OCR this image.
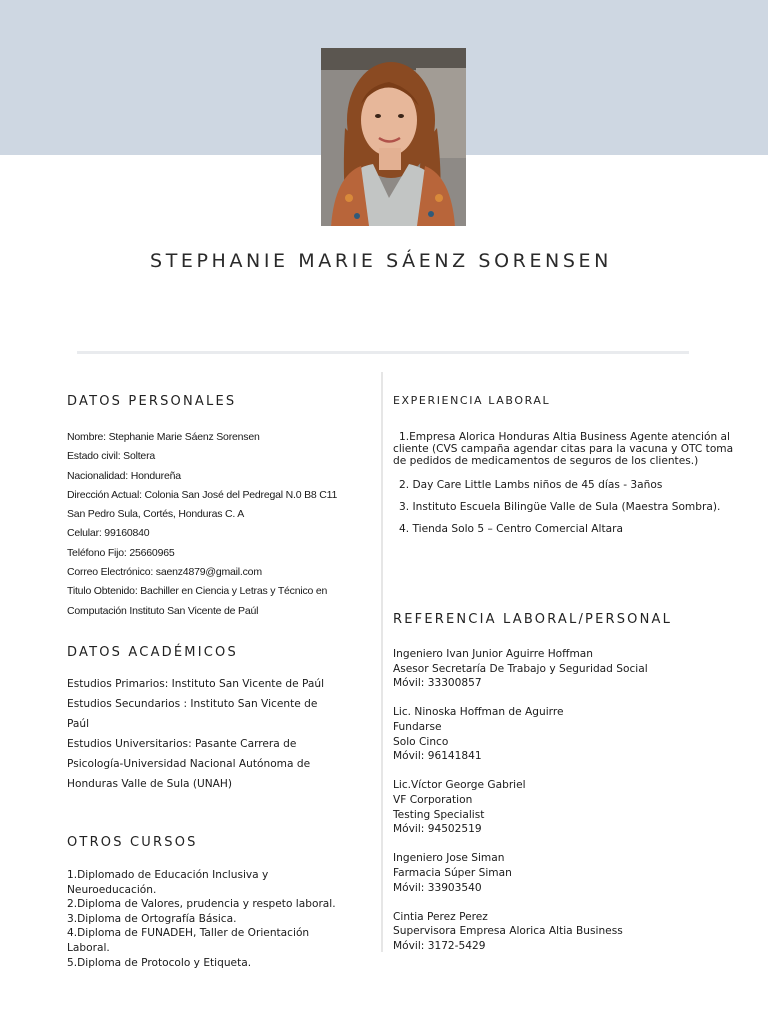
STEPHANIE MARIE SÁENZ SORENSEN
DATOS PERSONALES
Nombre: Stephanie Marie Sáenz Sorensen
Estado civil: Soltera
Nacionalidad: Hondureña
Dirección Actual: Colonia San José del Pedregal N.0 B8 C11
San Pedro Sula, Cortés, Honduras C. A
Celular: 99160840
Teléfono Fijo: 25660965
Correo Electrónico: saenz4879@gmail.com
Titulo Obtenido: Bachiller en Ciencia y Letras y Técnico en
Computación Instituto San Vicente de Paúl
DATOS ACADÉMICOS
Estudios Primarios: Instituto San Vicente de Paúl
Estudios Secundarios : Instituto San Vicente de Paúl
Estudios Universitarios: Pasante Carrera de Psicología-Universidad Nacional Autónoma de Honduras Valle de Sula (UNAH)
OTROS CURSOS
1.Diplomado de Educación Inclusiva y Neuroeducación.
2.Diploma de Valores, prudencia y respeto laboral.
3.Diploma de Ortografía Básica.
4.Diploma de FUNADEH, Taller de Orientación Laboral.
5.Diploma de Protocolo y Etiqueta.
EXPERIENCIA LABORAL
1.Empresa Alorica Honduras Altia Business Agente atención al cliente (CVS campaña agendar citas para la vacuna y OTC toma de pedidos de medicamentos de seguros de los clientes.)
2. Day Care Little Lambs niños de 45 días - 3años
3. Instituto Escuela Bilingüe Valle de Sula (Maestra Sombra).
4. Tienda Solo 5 – Centro Comercial Altara
REFERENCIA LABORAL/PERSONAL
Ingeniero Ivan Junior Aguirre Hoffman
Asesor Secretaría De Trabajo y Seguridad Social
Móvil: 33300857
Lic. Ninoska Hoffman de Aguirre
Fundarse
Solo Cinco
Móvil: 96141841
Lic.Víctor George Gabriel
VF Corporation
Testing Specialist
Móvil: 94502519
Ingeniero Jose Siman
Farmacia Súper Siman
Móvil: 33903540
Cintia Perez Perez
Supervisora Empresa Alorica Altia Business
Móvil: 3172-5429
